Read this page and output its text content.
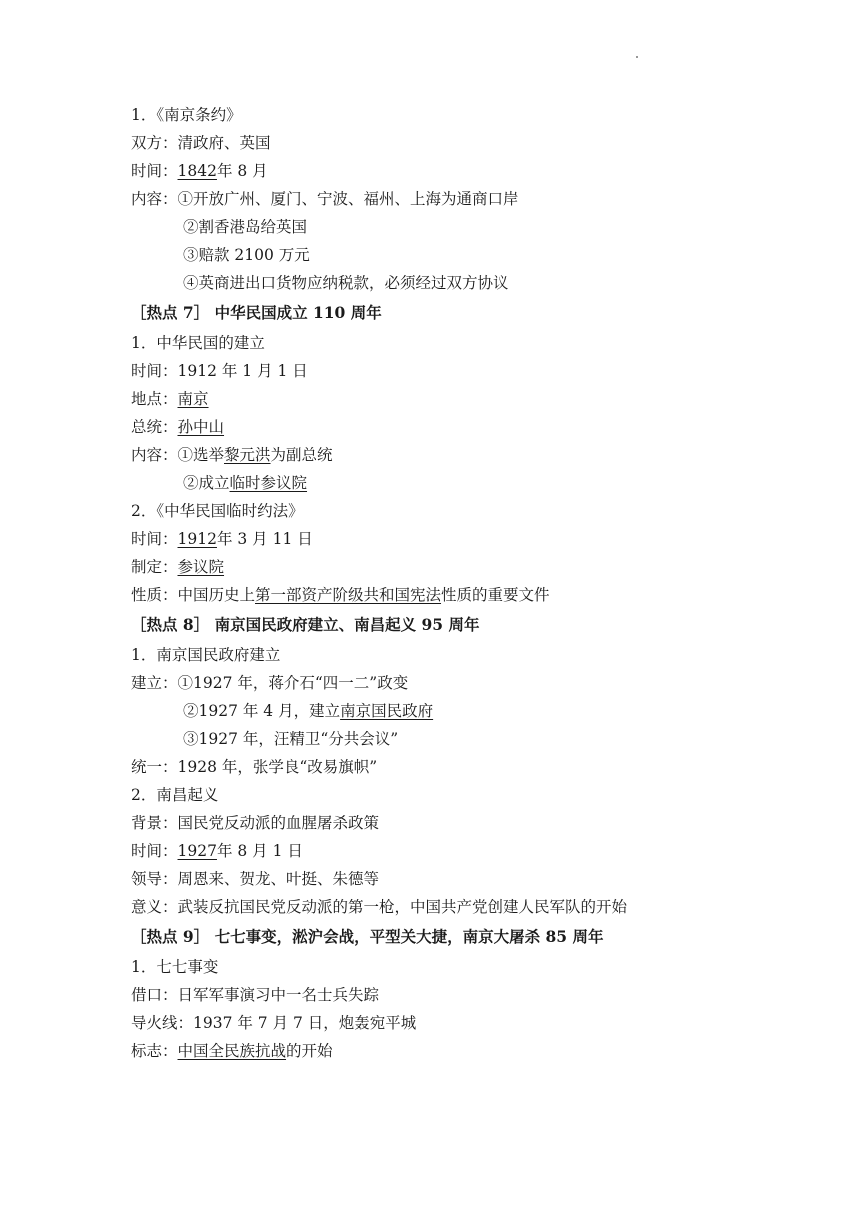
1．《南京条约》
双方：清政府、英国
时间：1842年 8 月
内容：①开放广州、厦门、宁波、福州、上海为通商口岸
②割香港岛给英国
③赔款 2100 万元
④英商进出口货物应纳税款，必须经过双方协议
［热点 7］ 中华民国成立 110 周年
1．中华民国的建立
时间：1912 年 1 月 1 日
地点：南京
总统：孙中山
内容：①选举黎元洪为副总统
②成立临时参议院
2．《中华民国临时约法》
时间：1912年 3 月 11 日
制定：参议院
性质：中国历史上第一部资产阶级共和国宪法性质的重要文件
［热点 8］ 南京国民政府建立、南昌起义 95 周年
1．南京国民政府建立
建立：①1927 年，蒋介石“四一二”政变
②1927 年 4 月，建立南京国民政府
③1927 年，汪精卫“分共会议”
统一：1928 年，张学良“改易旗帜”
2．南昌起义
背景：国民党反动派的血腥屠杀政策
时间：1927年 8 月 1 日
领导：周恩来、贺龙、叶挺、朱德等
意义：武装反抗国民党反动派的第一枪，中国共产党创建人民军队的开始
［热点 9］ 七七事变，淞沪会战，平型关大捷，南京大屠杀 85 周年
1．七七事变
借口：日军军事演习中一名士兵失踪
导火线：1937 年 7 月 7 日，炮轰宛平城
标志：中国全民族抗战的开始
